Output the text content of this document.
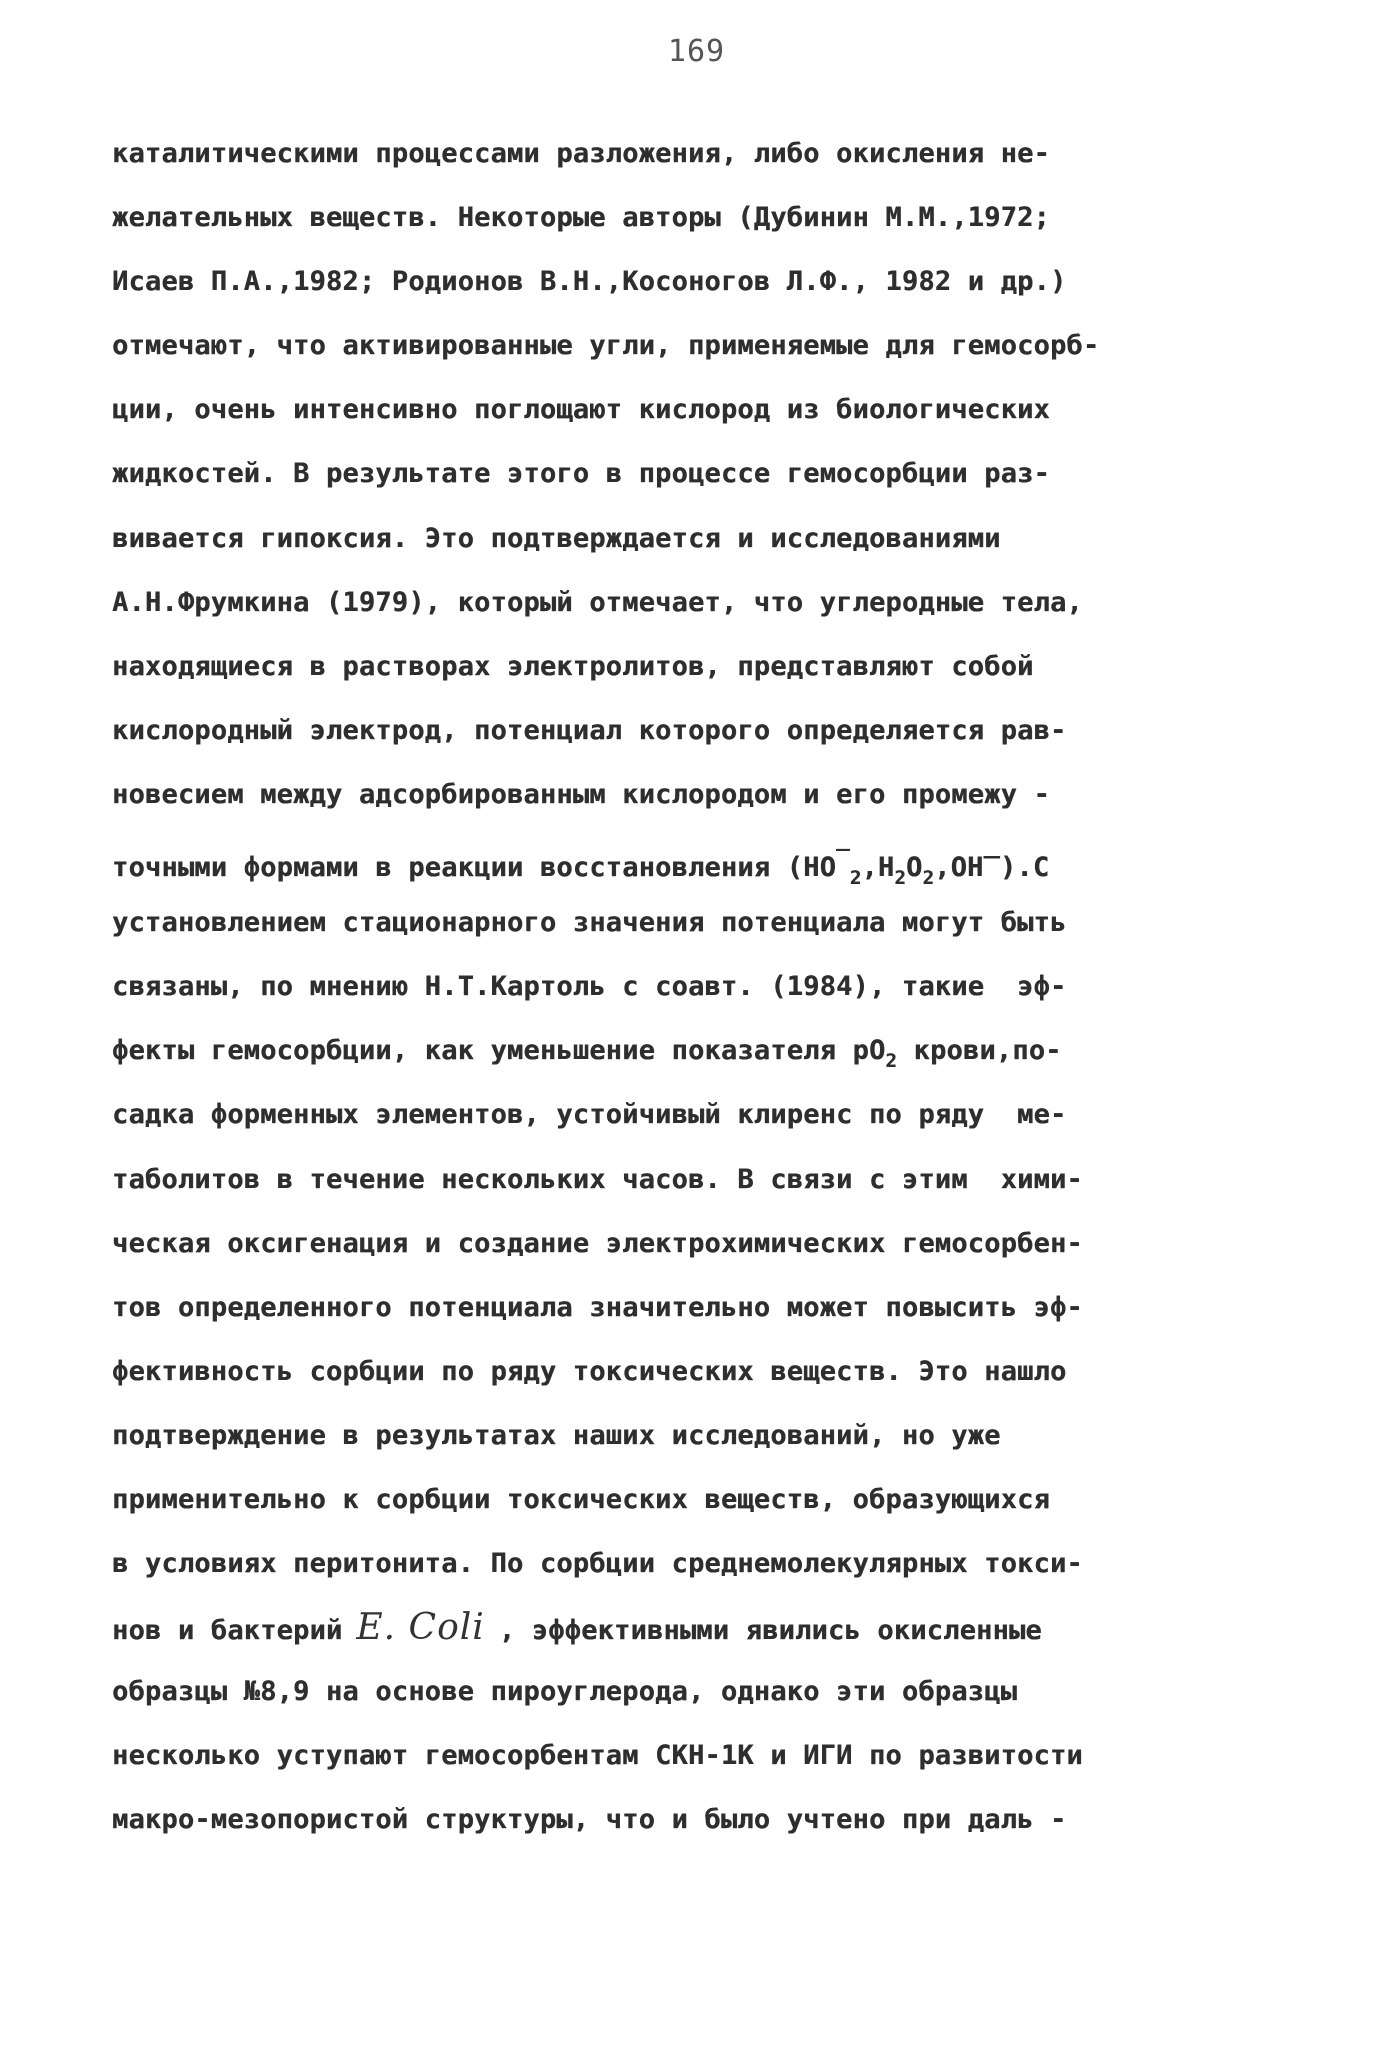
169
каталитическими процессами разложения, либо окисления не-
желательных веществ. Некоторые авторы (Дубинин М.М.,1972;
Исаев П.А.,1982; Родионов В.Н.,Косоногов Л.Ф., 1982 и др.)
отмечают, что активированные угли, применяемые для гемосорб-
ции, очень интенсивно поглощают кислород из биологических
жидкостей. В результате этого в процессе гемосорбции раз-
вивается гипоксия. Это подтверждается и исследованиями
А.Н.Фрумкина (1979), который отмечает, что углеродные тела,
находящиеся в растворах электролитов, представляют собой
кислородный электрод, потенциал которого определяется рав-
новесием между адсорбированным кислородом и его промежу -
точными формами в реакции восстановления $(НО^‾_2,Н_2О_2,ОН‾).С$
установлением стационарного значения потенциала могут быть
связаны, по мнению Н.Т.Картоль с соавт. (1984), такие  эф-
фекты гемосорбции, как уменьшение показателя $рО_2$ крови,по-
садка форменных элементов, устойчивый клиренс по ряду  ме-
таболитов в течение нескольких часов. В связи с этим  хими-
ческая оксигенация и создание электрохимических гемосорбен-
тов определенного потенциала значительно может повысить эф-
фективность сорбции по ряду токсических веществ. Это нашло
подтверждение в результатах наших исследований, но уже
применительно к сорбции токсических веществ, образующихся
в условиях перитонита. По сорбции среднемолекулярных токси-
нов и бактерий E. Coli , эффективными явились окисленные
образцы №8,9 на основе пироуглерода, однако эти образцы
несколько уступают гемосорбентам СКН-1К и ИГИ по развитости
макро-мезопористой структуры, что и было учтено при даль -
